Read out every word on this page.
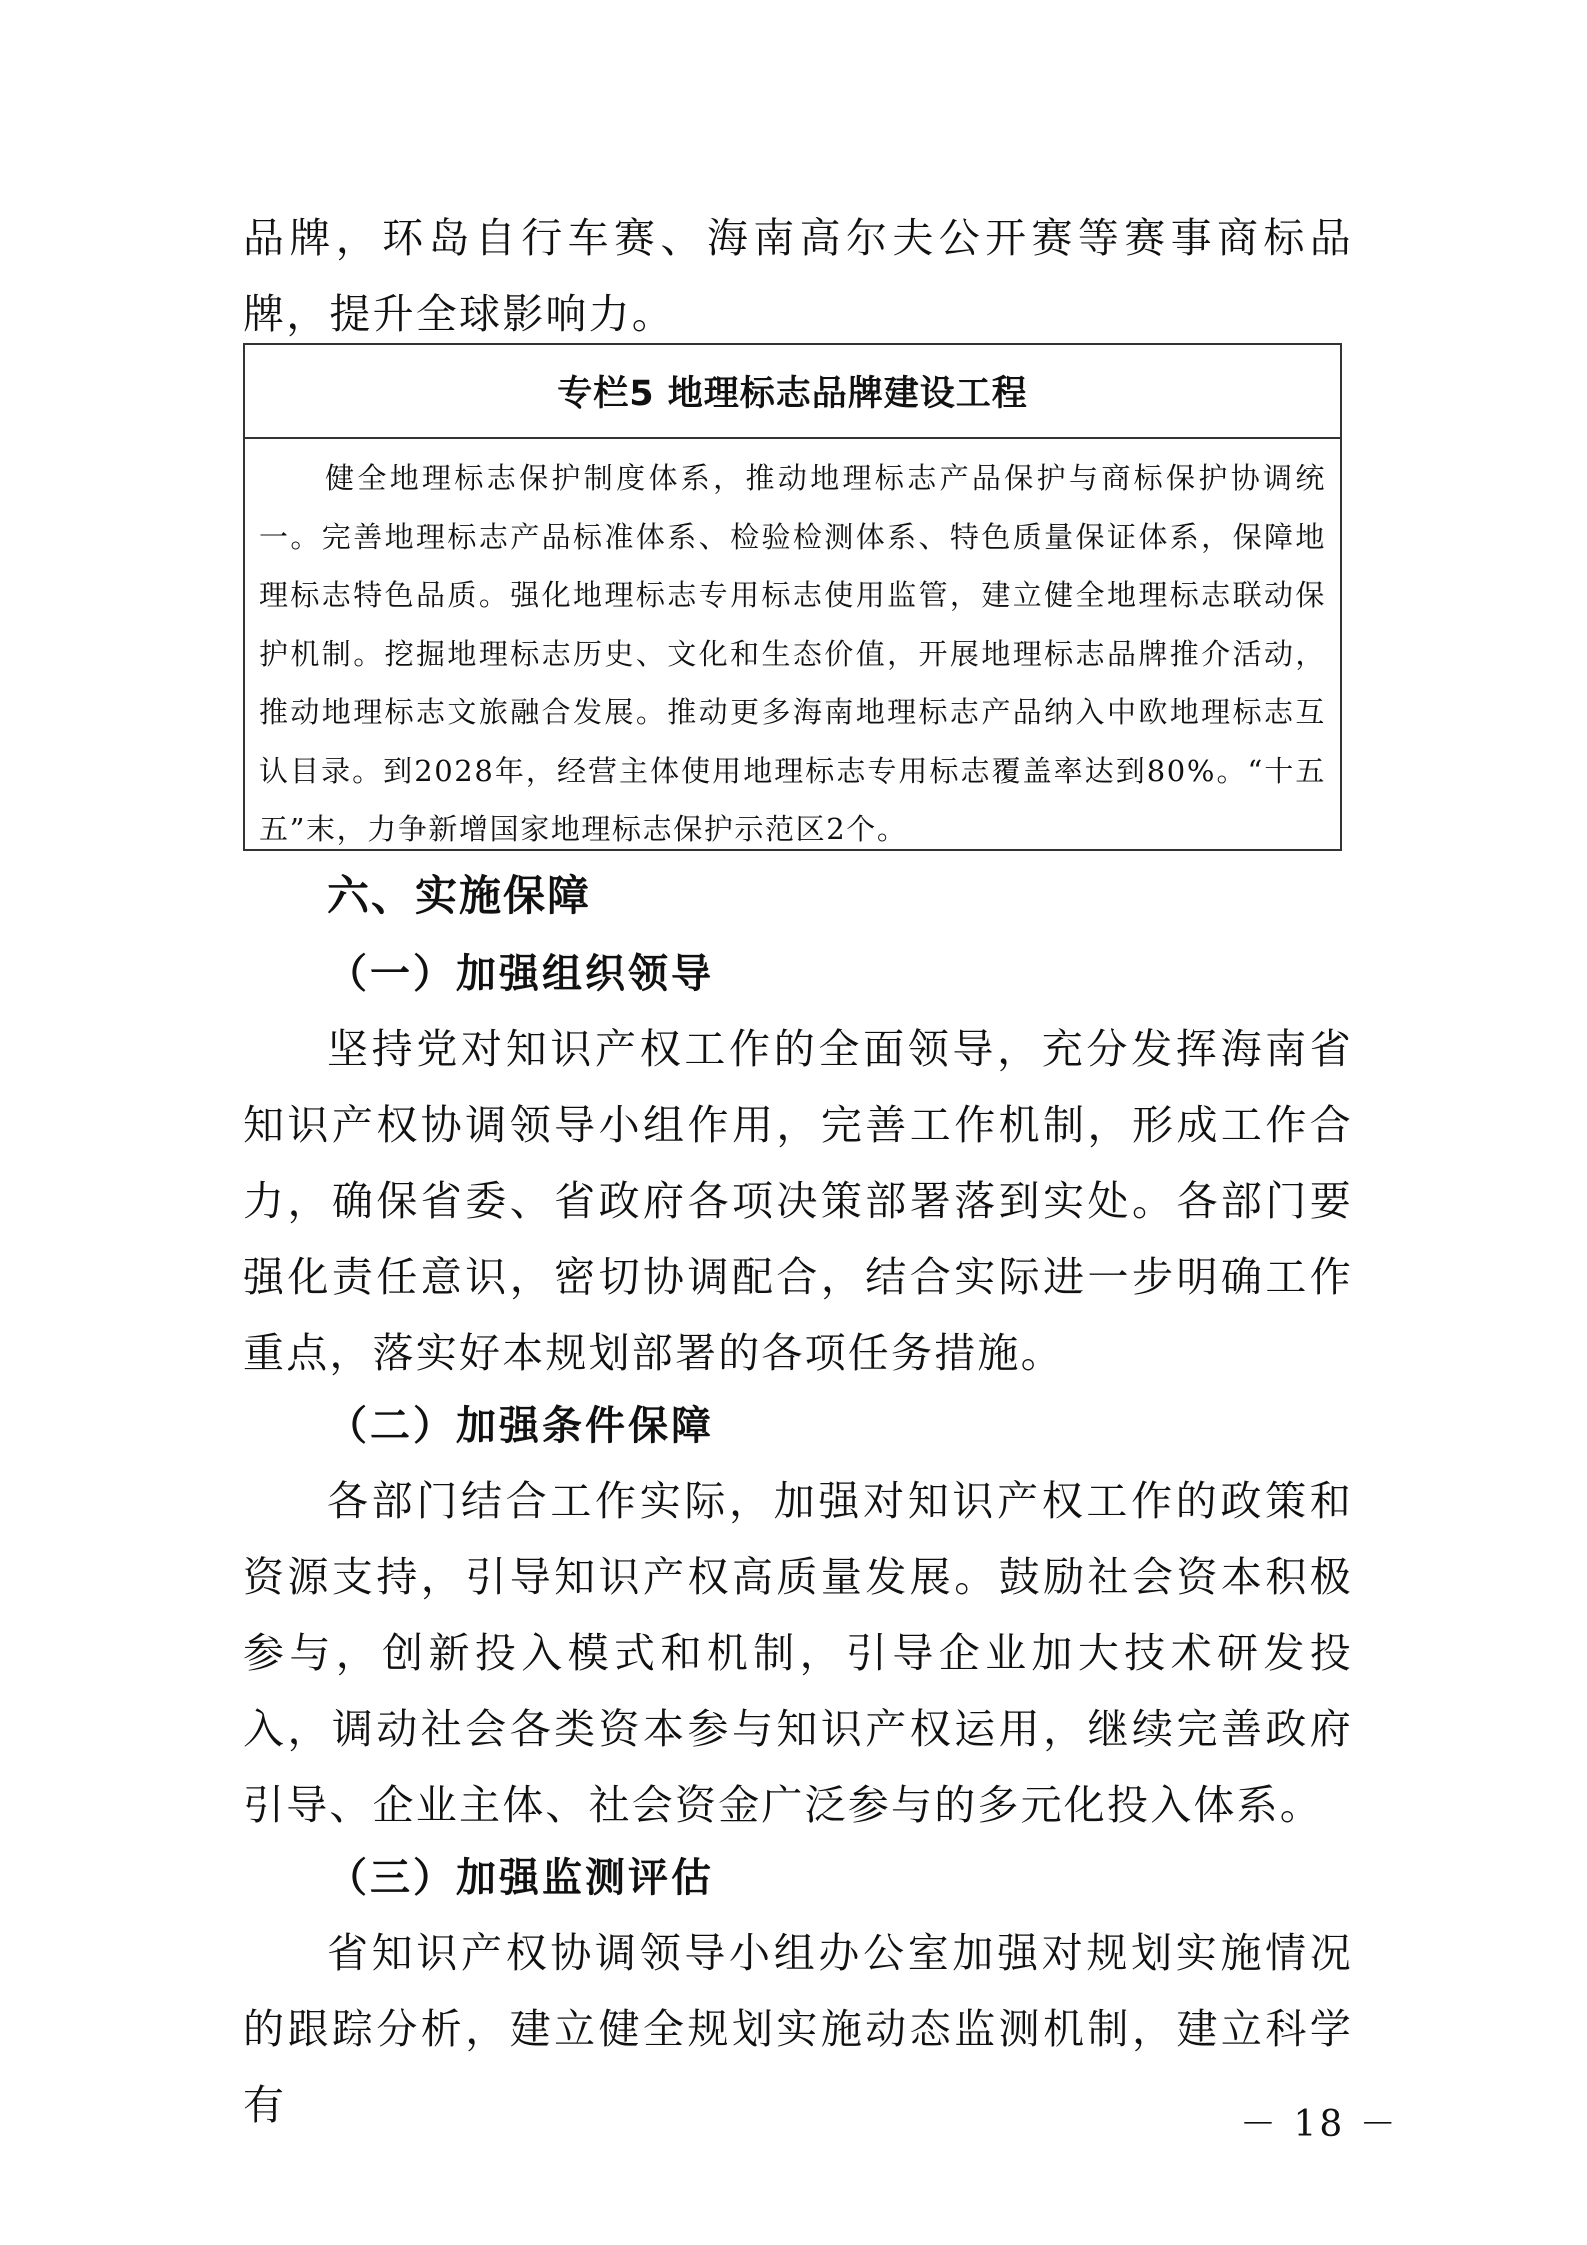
品牌，环岛自行车赛、海南高尔夫公开赛等赛事商标品牌，提升全球影响力。

专栏5 地理标志品牌建设工程

健全地理标志保护制度体系，推动地理标志产品保护与商标保护协调统一。完善地理标志产品标准体系、检验检测体系、特色质量保证体系，保障地理标志特色品质。强化地理标志专用标志使用监管，建立健全地理标志联动保护机制。挖掘地理标志历史、文化和生态价值，开展地理标志品牌推介活动，推动地理标志文旅融合发展。推动更多海南地理标志产品纳入中欧地理标志互认目录。到2028年，经营主体使用地理标志专用标志覆盖率达到80%。“十五五”末，力争新增国家地理标志保护示范区2个。

六、实施保障
（一）加强组织领导

坚持党对知识产权工作的全面领导，充分发挥海南省知识产权协调领导小组作用，完善工作机制，形成工作合力，确保省委、省政府各项决策部署落到实处。各部门要强化责任意识，密切协调配合，结合实际进一步明确工作重点，落实好本规划部署的各项任务措施。

（二）加强条件保障

各部门结合工作实际，加强对知识产权工作的政策和资源支持，引导知识产权高质量发展。鼓励社会资本积极参与，创新投入模式和机制，引导企业加大技术研发投入，调动社会各类资本参与知识产权运用，继续完善政府引导、企业主体、社会资金广泛参与的多元化投入体系。

（三）加强监测评估

省知识产权协调领导小组办公室加强对规划实施情况的跟踪分析，建立健全规划实施动态监测机制，建立科学有	－ 18 －
